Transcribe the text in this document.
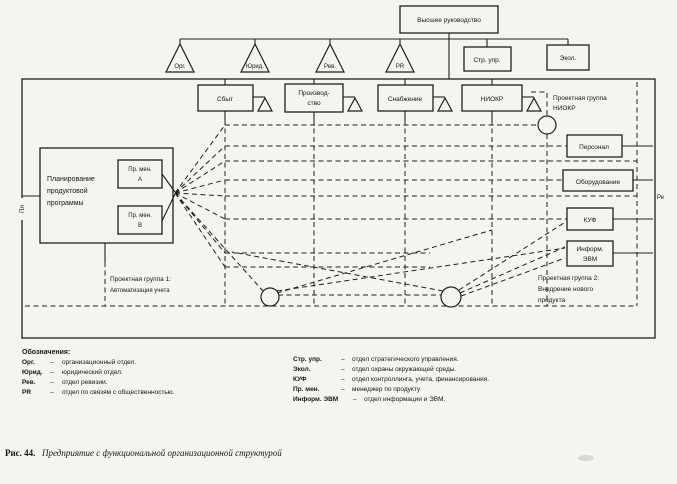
Высшее руководство
Орг.	Юрид.	Рев.	PR
Стр. упр.	Экол.
Сбыт
Производ-
ство
Снабжение	НИОКР
Планирование
продуктовой
программы
Пр. мен.
А
Пр. мен.
В
Пл
Персонал
Оборудование
КУФ
Информ.
ЭВМ
Ре
Проектная группа
НИОКР
Проектная группа 1:
Автоматизация учета
Проектная группа 2:
Внедрение нового
продукта
Обозначения:
Орг. – организационный отдел.
Юрид. – юридический отдел.
Рев. – отдел ревизии.
PR	– отдел по связям с общественностью.
Стр. упр.	– отдел стратегического управления.
Экол.	– отдел охраны окружающей среды.
КУФ	– отдел контроллинга, учета, финансирования.
Пр. мен.	– менеджер по продукту
Информ. ЭВМ – отдел информации и ЭВМ.
Рис. 44. Предприятие с функциональной организационной структурой
